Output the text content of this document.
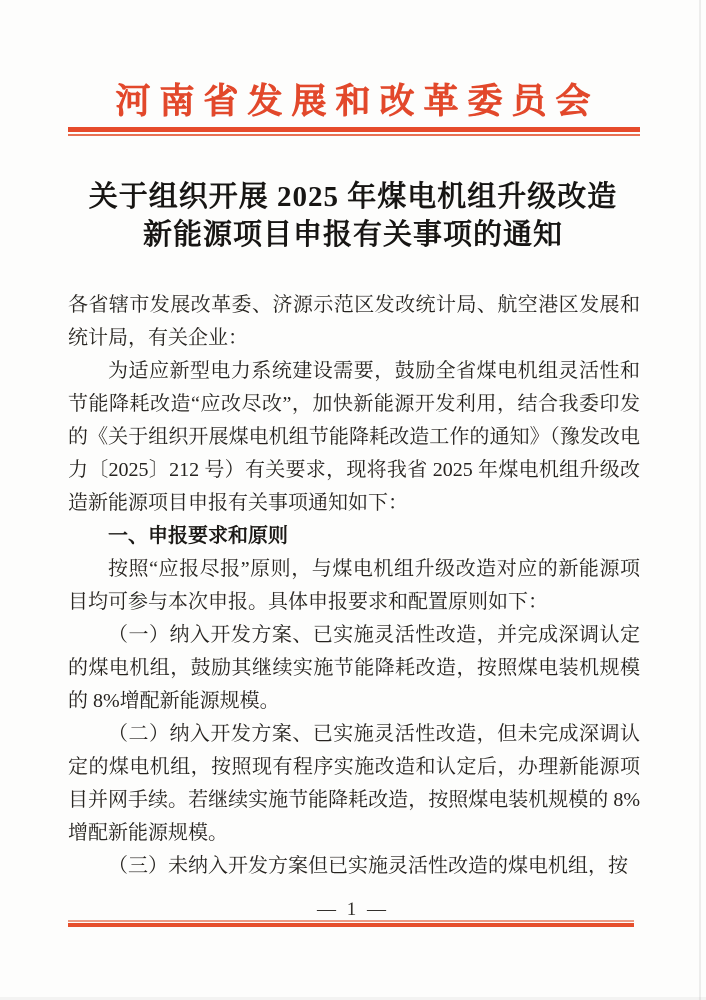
河南省发展和改革委员会
关于组织开展 2025 年煤电机组升级改造
新能源项目申报有关事项的通知

各省辖市发展改革委、济源示范区发改统计局、航空港区发展和统计局，有关企业：

为适应新型电力系统建设需要，鼓励全省煤电机组灵活性和节能降耗改造“应改尽改”，加快新能源开发利用，结合我委印发的《关于组织开展煤电机组节能降耗改造工作的通知》（豫发改电力〔2025〕212 号）有关要求，现将我省 2025 年煤电机组升级改造新能源项目申报有关事项通知如下：

一、申报要求和原则

按照“应报尽报”原则，与煤电机组升级改造对应的新能源项目均可参与本次申报。具体申报要求和配置原则如下：

（一）纳入开发方案、已实施灵活性改造，并完成深调认定的煤电机组，鼓励其继续实施节能降耗改造，按照煤电装机规模的 8%增配新能源规模。

（二）纳入开发方案、已实施灵活性改造，但未完成深调认定的煤电机组，按照现有程序实施改造和认定后，办理新能源项目并网手续。若继续实施节能降耗改造，按照煤电装机规模的 8%增配新能源规模。

（三）未纳入开发方案但已实施灵活性改造的煤电机组，按

— 1 —
